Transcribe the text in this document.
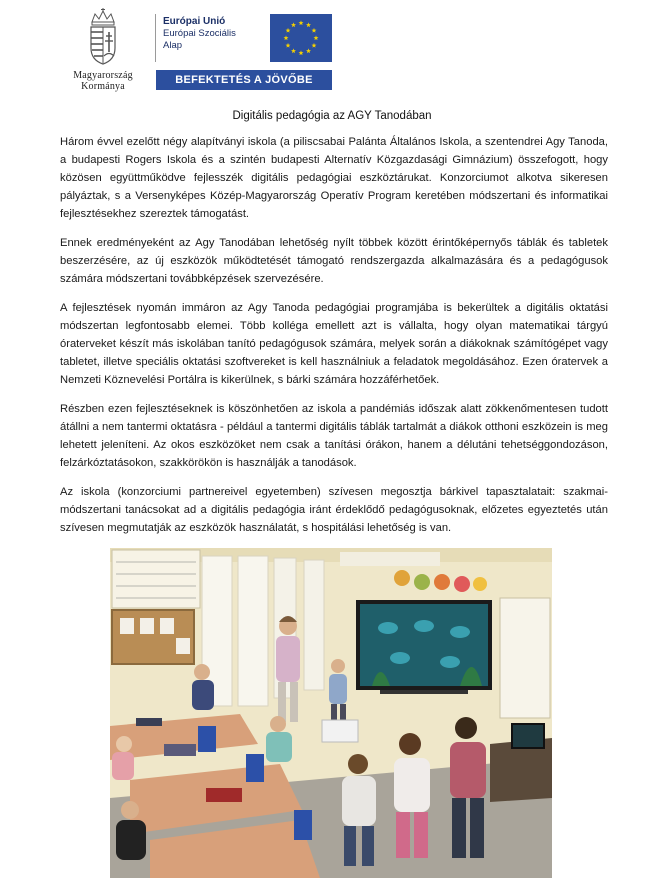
Magyarország
Kormánya
Európai Unió
Európai Szociális
Alap
BEFEKTETÉS A JÖVŐBE
Digitális pedagógia az AGY Tanodában

Három évvel ezelőtt négy alapítványi iskola (a piliscsabai Palánta Általános Iskola, a szentendrei Agy Tanoda, a budapesti Rogers Iskola és a szintén budapesti Alternatív Közgazdasági Gimnázium) összefogott, hogy közösen együttműködve fejlesszék digitális pedagógiai eszköztárukat. Konzorciumot alkotva sikeresen pályáztak, s a Versenyképes Közép-Magyarország Operatív Program keretében módszertani és informatikai fejlesztésekhez szereztek támogatást.

Ennek eredményeként az Agy Tanodában lehetőség nyílt többek között érintőképernyős táblák és tabletek beszerzésére, az új eszközök működtetését támogató rendszergazda alkalmazására és a pedagógusok számára módszertani továbbképzések szervezésére.

A fejlesztések nyomán immáron az Agy Tanoda pedagógiai programjába is bekerültek a digitális oktatási módszertan legfontosabb elemei. Több kolléga emellett azt is vállalta, hogy olyan matematikai tárgyú óraterveket készít más iskolában tanító pedagógusok számára, melyek során a diákoknak számítógépet vagy tabletet, illetve speciális oktatási szoftvereket is kell használniuk a feladatok megoldásához. Ezen óratervek a Nemzeti Köznevelési Portálra is kikerülnek, s bárki számára hozzáférhetőek.

Részben ezen fejlesztéseknek is köszönhetően az iskola a pandémiás időszak alatt zökkenőmentesen tudott átállni a nem tantermi oktatásra - például a tantermi digitális táblák tartalmát a diákok otthoni eszközein is meg lehetett jeleníteni. Az okos eszközöket nem csak a tanítási órákon, hanem a délutáni tehetséggondozáson, felzárkóztatásokon, szakkörökön is használják a tanodások.

Az iskola (konzorciumi partnereivel egyetemben) szívesen megosztja bárkivel tapasztalatait: szakmai-módszertani tanácsokat ad a digitális pedagógia iránt érdeklődő pedagógusoknak, előzetes egyeztetés után szívesen megmutatják az eszközök használatát, s hospitálási lehetőség is van.
